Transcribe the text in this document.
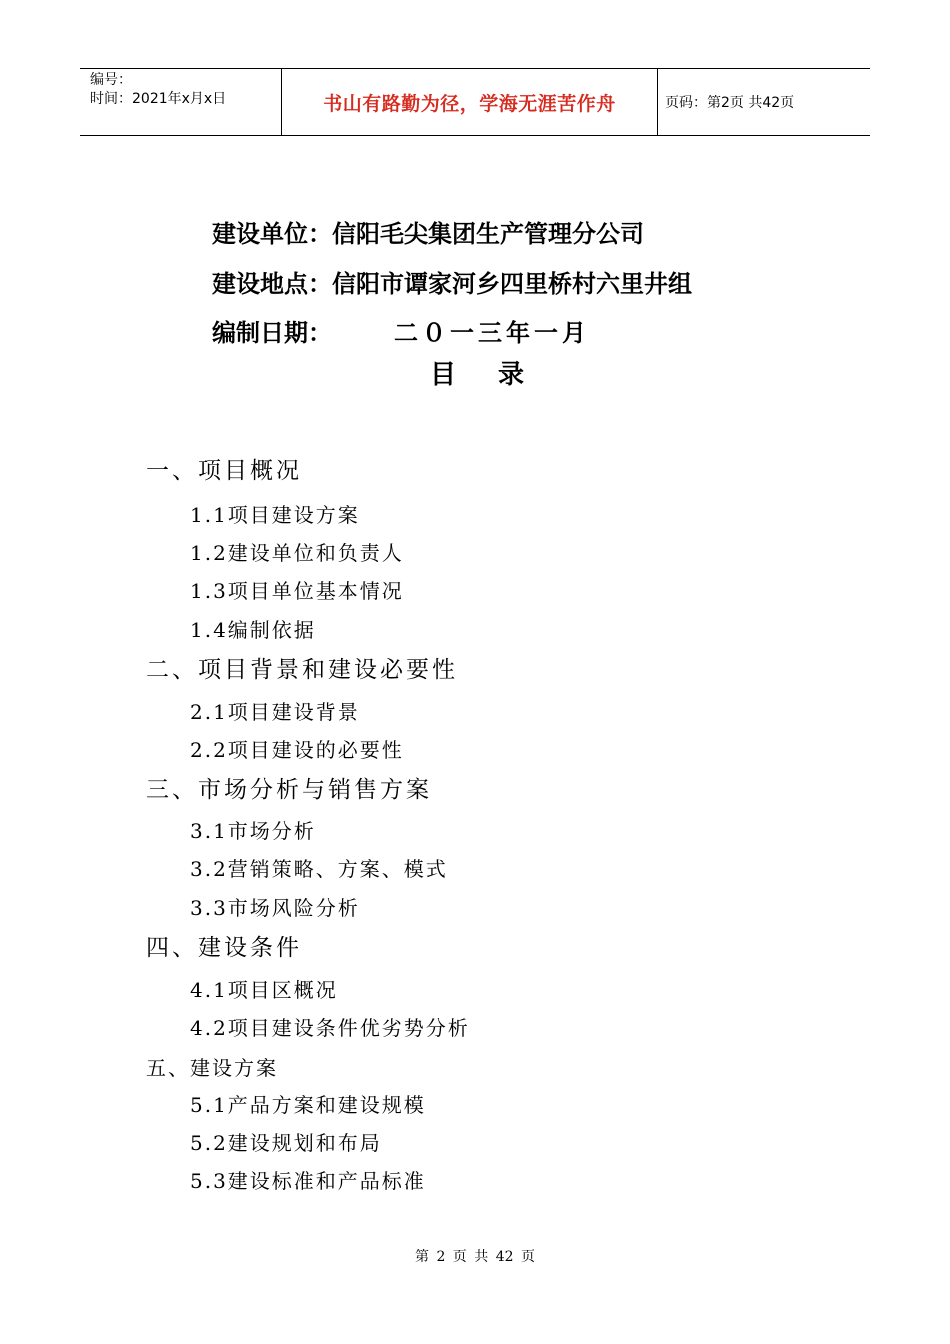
编号：
时间：2021年x月x日	书山有路勤为径，学海无涯苦作舟	页码：第2页 共42页
建设单位：信阳毛尖集团生产管理分公司
建设地点：信阳市谭家河乡四里桥村六里井组
编制日期：	二０一三年一月
目 录
一、项目概况
1.1项目建设方案
1.2建设单位和负责人
1.3项目单位基本情况
1.4编制依据
二、项目背景和建设必要性
2.1项目建设背景
2.2项目建设的必要性
三、市场分析与销售方案
3.1市场分析
3.2营销策略、方案、模式
3.3市场风险分析
四、建设条件
4.1项目区概况
4.2项目建设条件优劣势分析
五、建设方案
5.1产品方案和建设规模
5.2建设规划和布局
5.3建设标准和产品标准
第 2 页 共 42 页
